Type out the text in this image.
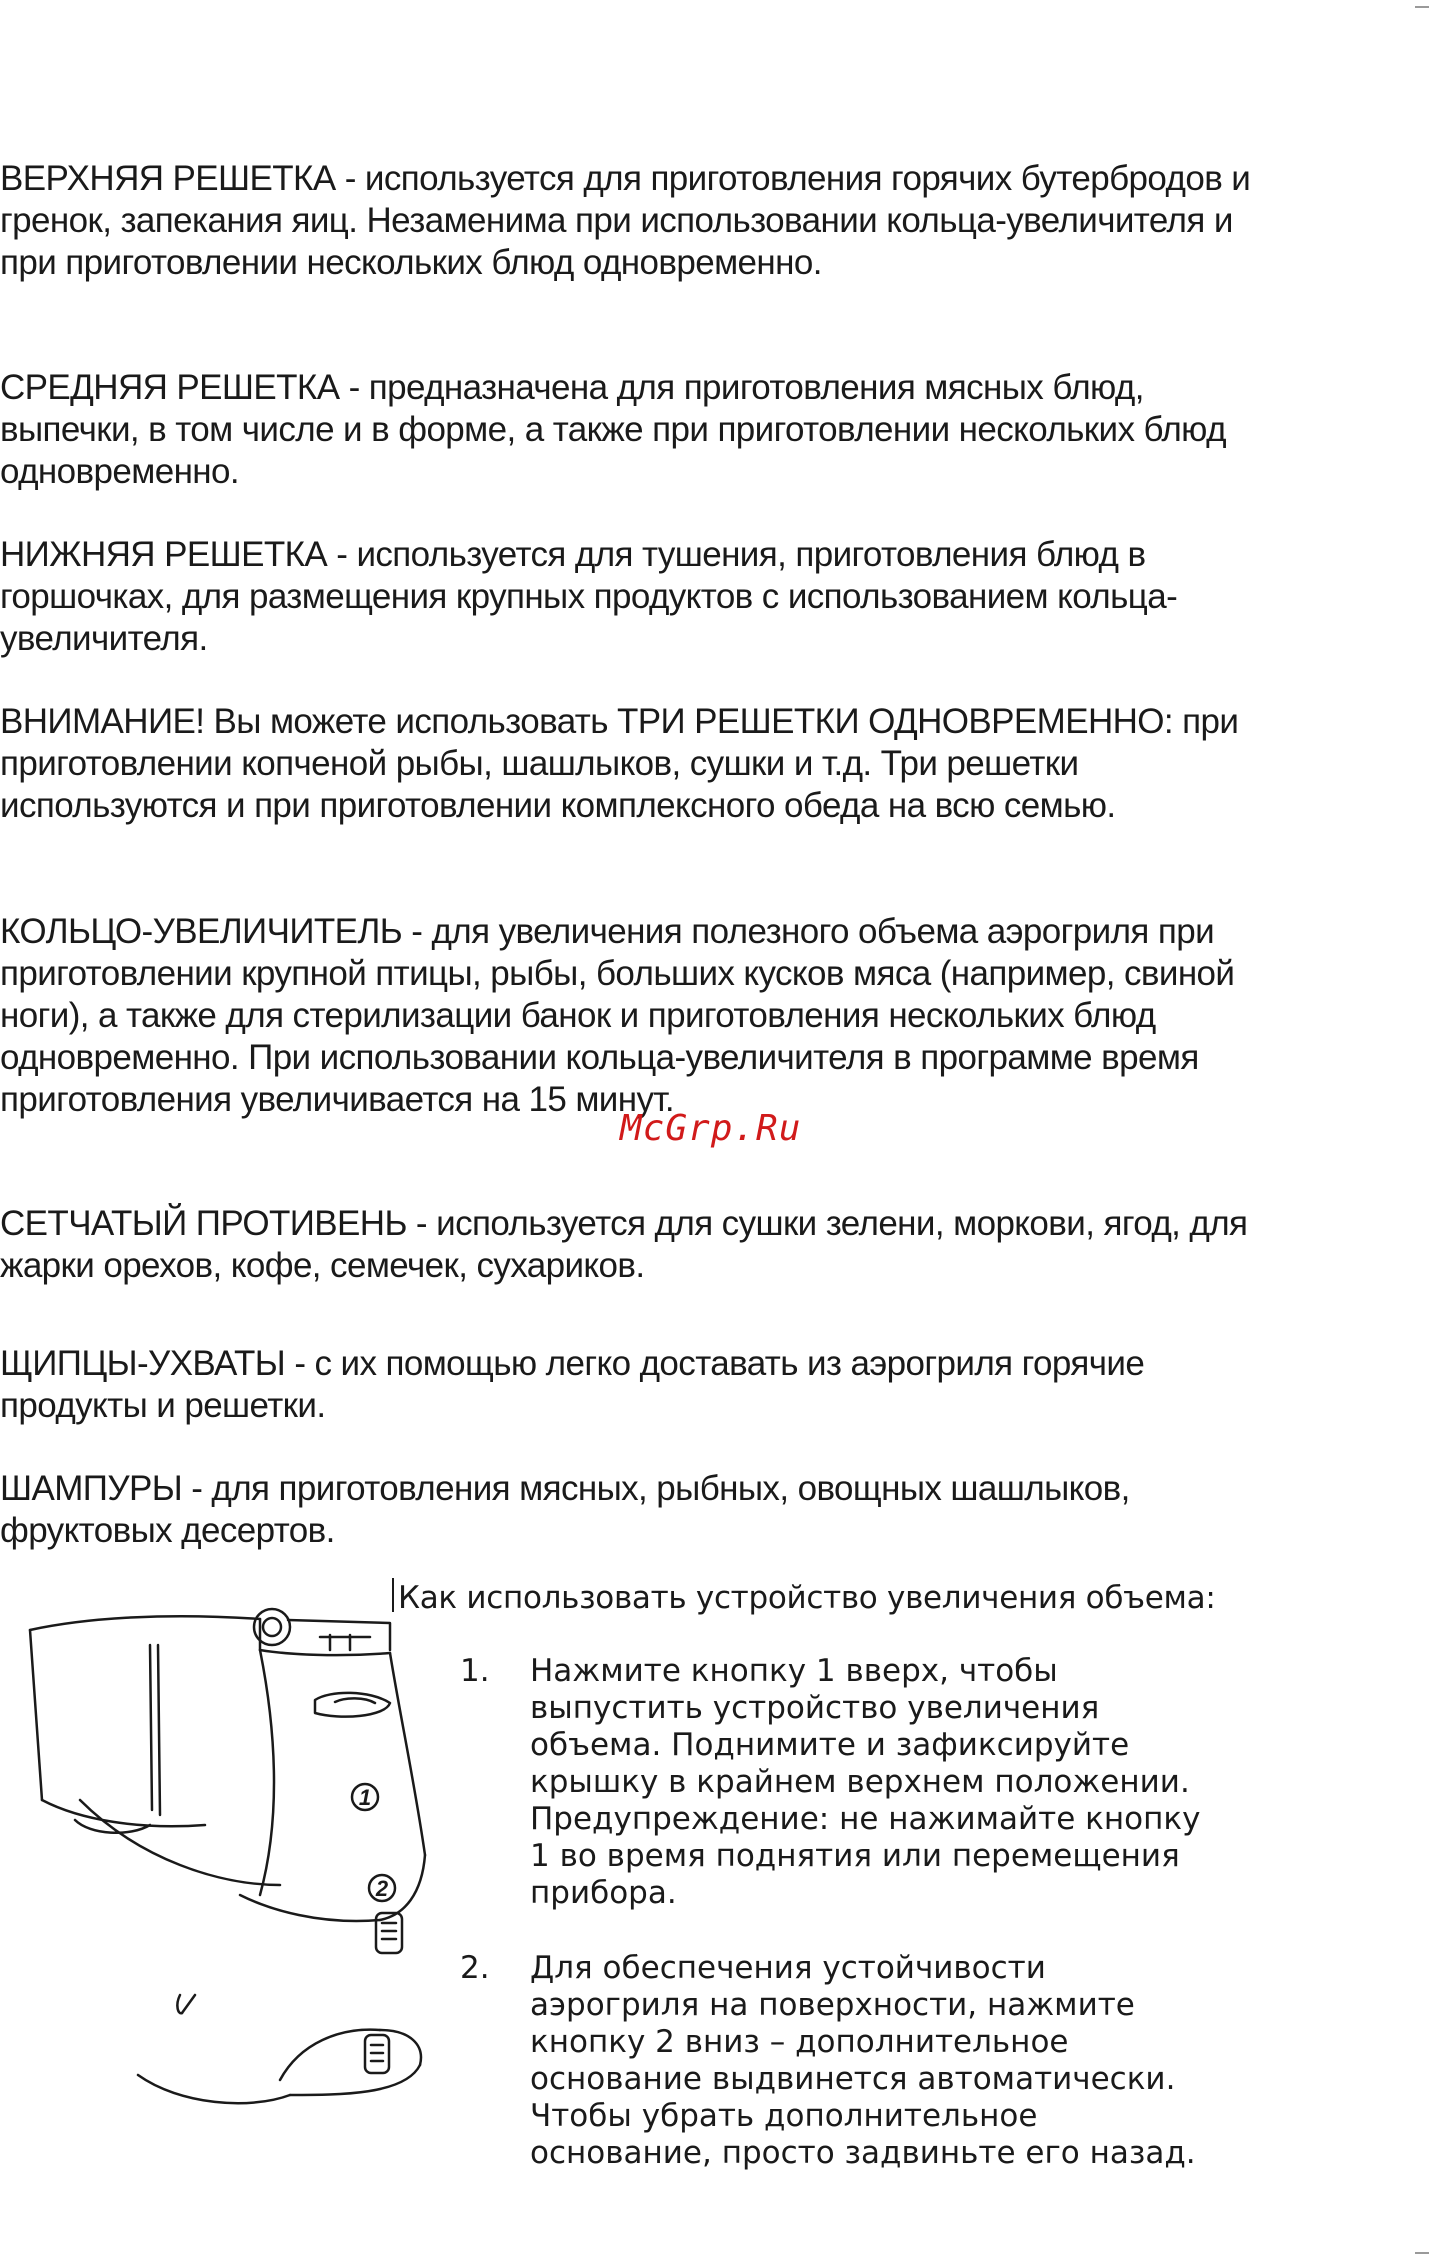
ВЕРХНЯЯ РЕШЕТКА - используется для приготовления горячих бутербродов и гренок, запекания яиц. Незаменима при использовании кольца-увеличителя и при приготовлении нескольких блюд одновременно.

СРЕДНЯЯ РЕШЕТКА - предназначена для приготовления мясных блюд, выпечки, в том числе и в форме, а также при приготовлении нескольких блюд одновременно.

НИЖНЯЯ РЕШЕТКА - используется для тушения, приготовления блюд в горшочках, для размещения крупных продуктов с использованием кольца-увеличителя.

ВНИМАНИЕ! Вы можете использовать ТРИ РЕШЕТКИ ОДНОВРЕМЕННО: при приготовлении копченой рыбы, шашлыков, сушки и т.д. Три решетки используются и при приготовлении комплексного обеда на всю семью.

КОЛЬЦО-УВЕЛИЧИТЕЛЬ - для увеличения полезного объема аэрогриля при приготовлении крупной птицы, рыбы, больших кусков мяса (например, свиной ноги), а также для стерилизации банок и приготовления нескольких блюд одновременно. При использовании кольца-увеличителя в программе время приготовления увеличивается на 15 минут.

McGrp.Ru

СЕТЧАТЫЙ ПРОТИВЕНЬ - используется для сушки зелени, моркови, ягод, для жарки орехов, кофе, семечек, сухариков.

ЩИПЦЫ-УХВАТЫ - с их помощью легко доставать из аэрогриля горячие продукты и решетки.

ШАМПУРЫ - для приготовления мясных, рыбных, овощных шашлыков, фруктовых десертов.

1
2
Как использовать устройство увеличения объема:
1.	Нажмите кнопку 1 вверх, чтобы выпустить устройство увеличения объема. Поднимите и зафиксируйте крышку в крайнем верхнем положении. Предупреждение: не нажимайте кнопку 1 во время поднятия или перемещения прибора.
2.	Для обеспечения устойчивости аэрогриля на поверхности, нажмите кнопку 2 вниз – дополнительное основание выдвинется автоматически. Чтобы убрать дополнительное основание, просто задвиньте его назад.
